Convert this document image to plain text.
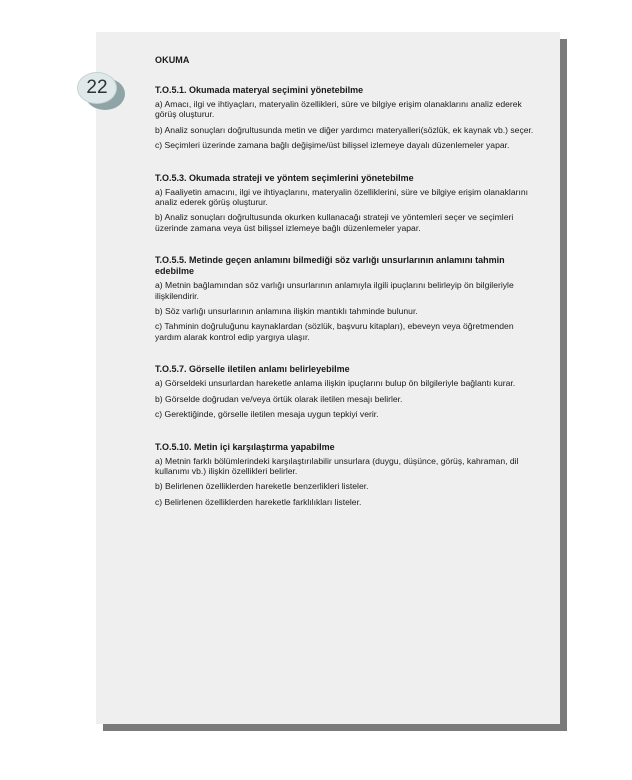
OKUMA
T.O.5.1. Okumada materyal seçimini yönetebilme
a) Amacı, ilgi ve ihtiyaçları, materyalin özellikleri, süre ve bilgiye erişim olanaklarını analiz ederek görüş oluşturur.
b) Analiz sonuçları doğrultusunda metin ve diğer yardımcı materyalleri(sözlük, ek kaynak vb.) seçer.
c) Seçimleri üzerinde zamana bağlı değişime/üst bilişsel izlemeye dayalı düzenlemeler yapar.
T.O.5.3. Okumada strateji ve yöntem seçimlerini yönetebilme
a) Faaliyetin amacını, ilgi ve ihtiyaçlarını, materyalin özelliklerini, süre ve bilgiye erişim olanaklarını analiz ederek görüş oluşturur.
b) Analiz sonuçları doğrultusunda okurken kullanacağı strateji ve yöntemleri seçer ve seçimleri üzerinde zamana veya üst bilişsel izlemeye bağlı düzenlemeler yapar.
T.O.5.5. Metinde geçen anlamını bilmediği söz varlığı unsurlarının anlamını tahmin edebilme
a) Metnin bağlamından söz varlığı unsurlarının anlamıyla ilgili ipuçlarını belirleyip ön bilgileriyle ilişkilendirir.
b) Söz varlığı unsurlarının anlamına ilişkin mantıklı tahminde bulunur.
c) Tahminin doğruluğunu kaynaklardan (sözlük, başvuru kitapları), ebeveyn veya öğretmenden yardım alarak kontrol edip yargıya ulaşır.
T.O.5.7. Görselle iletilen anlamı belirleyebilme
a) Görseldeki unsurlardan hareketle anlama ilişkin ipuçlarını bulup ön bilgileriyle bağlantı kurar.
b) Görselde doğrudan ve/veya örtük olarak iletilen mesajı belirler.
c) Gerektiğinde, görselle iletilen mesaja uygun tepkiyi verir.
T.O.5.10. Metin içi karşılaştırma yapabilme
a) Metnin farklı bölümlerindeki karşılaştırılabilir unsurlara (duygu, düşünce, görüş, kahraman, dil kullanımı vb.) ilişkin özellikleri belirler.
b) Belirlenen özelliklerden hareketle benzerlikleri listeler.
c) Belirlenen özelliklerden hareketle farklılıkları listeler.
22
